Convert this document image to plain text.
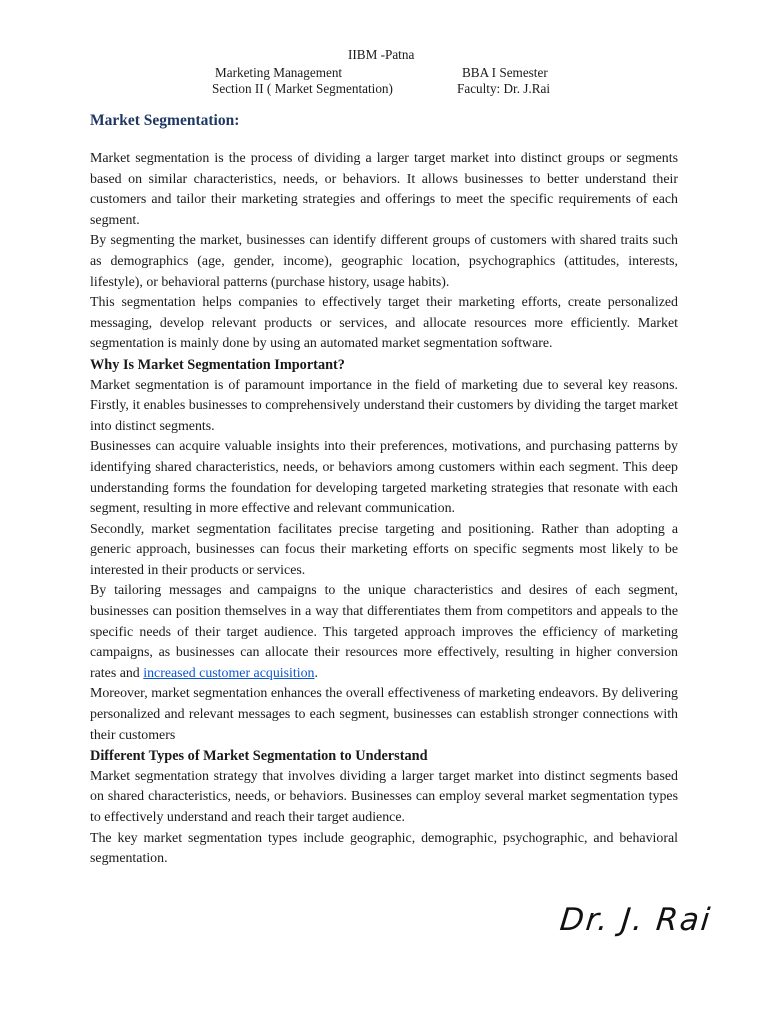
IIBM -Patna
Marketing Management	BBA I Semester
Section II ( Market Segmentation)	Faculty: Dr. J.Rai
Market Segmentation:

Market segmentation is the process of dividing a larger target market into distinct groups or segments based on similar characteristics, needs, or behaviors. It allows businesses to better understand their customers and tailor their marketing strategies and offerings to meet the specific requirements of each segment.

By segmenting the market, businesses can identify different groups of customers with shared traits such as demographics (age, gender, income), geographic location, psychographics (attitudes, interests, lifestyle), or behavioral patterns (purchase history, usage habits).

This segmentation helps companies to effectively target their marketing efforts, create personalized messaging, develop relevant products or services, and allocate resources more efficiently. Market segmentation is mainly done by using an automated market segmentation software.

Why Is Market Segmentation Important?

Market segmentation is of paramount importance in the field of marketing due to several key reasons. Firstly, it enables businesses to comprehensively understand their customers by dividing the target market into distinct segments.

Businesses can acquire valuable insights into their preferences, motivations, and purchasing patterns by identifying shared characteristics, needs, or behaviors among customers within each segment. This deep understanding forms the foundation for developing targeted marketing strategies that resonate with each segment, resulting in more effective and relevant communication.

Secondly, market segmentation facilitates precise targeting and positioning. Rather than adopting a generic approach, businesses can focus their marketing efforts on specific segments most likely to be interested in their products or services.

By tailoring messages and campaigns to the unique characteristics and desires of each segment, businesses can position themselves in a way that differentiates them from competitors and appeals to the specific needs of their target audience. This targeted approach improves the efficiency of marketing campaigns, as businesses can allocate their resources more effectively, resulting in higher conversion rates and increased customer acquisition.

Moreover, market segmentation enhances the overall effectiveness of marketing endeavors. By delivering personalized and relevant messages to each segment, businesses can establish stronger connections with their customers

Different Types of Market Segmentation to Understand

Market segmentation strategy that involves dividing a larger target market into distinct segments based on shared characteristics, needs, or behaviors. Businesses can employ several market segmentation types to effectively understand and reach their target audience.

The key market segmentation types include geographic, demographic, psychographic, and behavioral segmentation.

Dr. J. Rai
